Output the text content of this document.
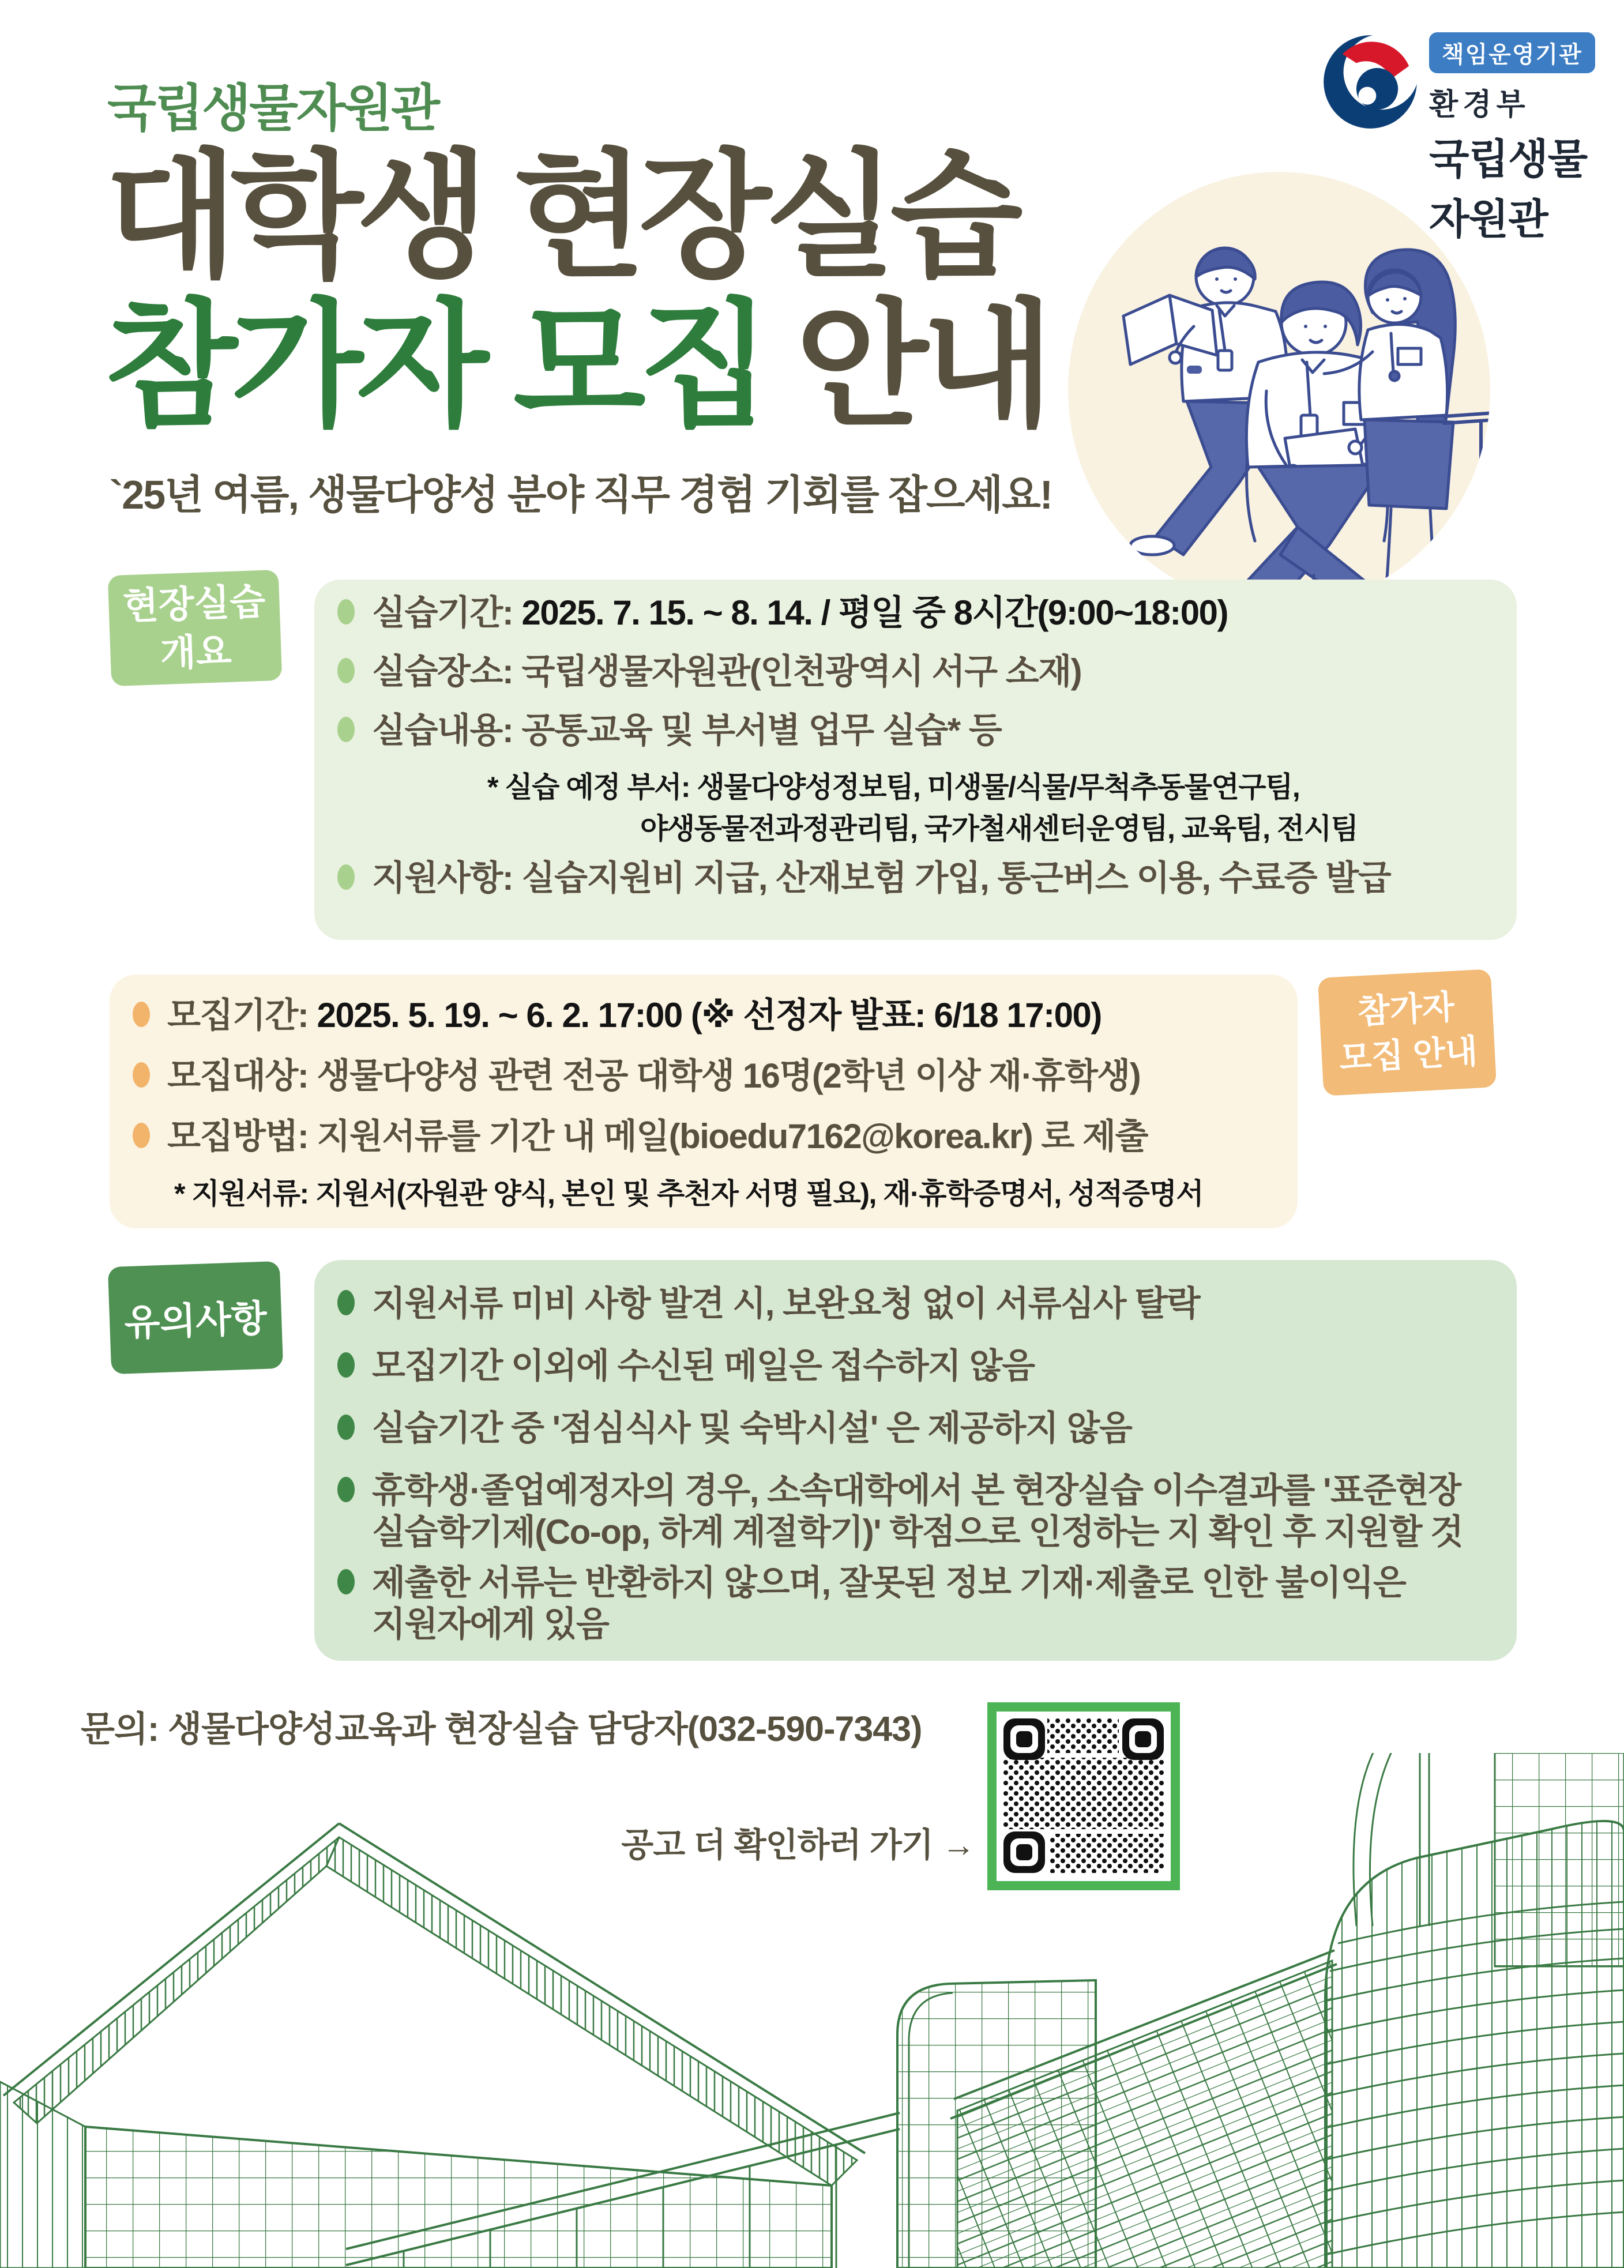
국립생물자원관
책임운영기관
환경부
국립생물자원관
대학생 현장실습
참가자 모집 안내
`25년 여름, 생물다양성 분야 직무 경험 기회를 잡으세요!
실습기간: 2025. 7. 15. ~ 8. 14. / 평일 중 8시간(9:00~18:00)
실습장소: 국립생물자원관(인천광역시 서구 소재)
실습내용: 공통교육 및 부서별 업무 실습* 등
* 실습 예정 부서: 생물다양성정보팀, 미생물/식물/무척추동물연구팀,
야생동물전과정관리팀, 국가철새센터운영팀, 교육팀, 전시팀
지원사항: 실습지원비 지급, 산재보험 가입, 통근버스 이용, 수료증 발급
현장실습
개요
모집기간: 2025. 5. 19. ~ 6. 2. 17:00 (※ 선정자 발표: 6/18 17:00)
모집대상: 생물다양성 관련 전공 대학생 16명(2학년 이상 재·휴학생)
모집방법: 지원서류를 기간 내 메일(bioedu7162@korea.kr) 로 제출
* 지원서류: 지원서(자원관 양식, 본인 및 추천자 서명 필요), 재·휴학증명서, 성적증명서
참가자
모집 안내
지원서류 미비 사항 발견 시, 보완요청 없이 서류심사 탈락
모집기간 이외에 수신된 메일은 접수하지 않음
실습기간 중 '점심식사 및 숙박시설' 은 제공하지 않음
휴학생·졸업예정자의 경우, 소속대학에서 본 현장실습 이수결과를 '표준현장
실습학기제(Co-op, 하계 계절학기)' 학점으로 인정하는 지 확인 후 지원할 것
제출한 서류는 반환하지 않으며, 잘못된 정보 기재·제출로 인한 불이익은
지원자에게 있음
유의사항
문의: 생물다양성교육과 현장실습 담당자(032-590-7343)
공고 더 확인하러 가기 →
